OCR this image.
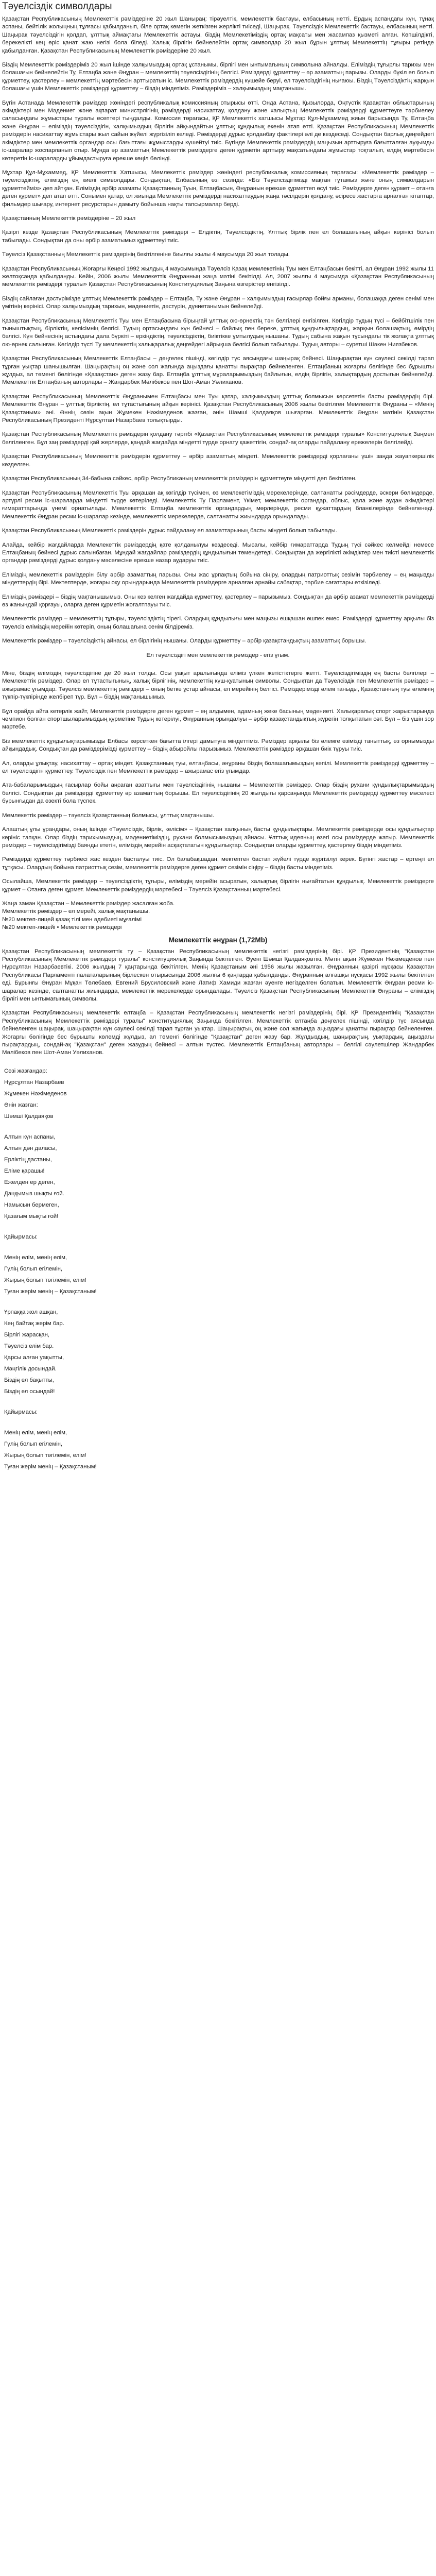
Тәуелсіздік символдары

Қазақстан Республикасының Мемлекеттік рәміздеріне 20 жыл Шаныраң: тірәуелтік, мемлекеттік бастауы, елбасының нетті. Ердың аспандағы күн, тұнақ аспаны, бейтілік жолыңның тұлғасы қабылданып, біле ортақ көмегін жеткізген жерлікті тиіседі, Шаңырақ. Тәуелсіздік Мемлекеттік бастауы, елбасының нетті. Шаңырақ тәуелсіздігін қолдап, ұлттық аймақтағы Мемлекеттік астауы, біздің Мемлекетіміздің ортақ мақсаты мен жасампаз қызметі алған. Көпшілдікті, берекелікті кең өріс қанат жаю негізі бола біледі. Халық бірлігін бейнелейтін ортақ символдар 20 жыл бұрын ұлттық Мемлекеттің тұғыры ретінде қабылданған. Қазақстан Республикасының Мемлекеттік рәміздеріне 20 жыл.

Біздің Мемлекеттік рәміздеріміз 20 жыл ішінде халқымыздың ортақ ұстанымы, бірлігі мен ынтымағының символына айналды. Еліміздің тұғырлы тарихы мен болашағын бейнелейтін Ту, Елтаңба және Әнұран – мемлекеттің тәуелсіздігінің белгісі. Рәміздерді құрметтеу – әр азаматтың парызы. Оларды бүкіл ел болып құрметтеу, қастерлеу – мемлекеттің мәртебесін арттыратын іс. Мемлекеттік рәміздердің күшейе беруі, ел тәуелсіздігінің нығаюы. Біздің Тәуелсіздіктің жарқын болашағы үшін Мемлекеттік рәміздерді құрметтеу – біздің міндетіміз. Рәміздеріміз – халқымыздың мақтанышы.

Бүгін Астанада Мемлекеттік рәміздер жөніндегі республикалық комиссияның отырысы өтті. Онда Астана, Қызылорда, Оңтүстік Қазақстан облыстарының әкімдіктері мен Мәдениет және ақпарат министрлігінің рәміздерді насихаттау, қолдану және халықтың Мемлекеттік рәміздерді құрметтеуге тәрбиелеу саласындағы жұмыстары туралы есептері тыңдалды. Комиссия төрағасы, ҚР Мемлекеттік хатшысы Мұхтар Құл-Мұхаммед жиын барысында Ту, Елтаңба және Әнұран – еліміздің тәуелсіздігін, халқымыздың бірлігін айқындайтын ұлттық құндылық екенін атап өтті. Қазақстан Республикасының Мемлекеттік рәміздерін насихаттау жұмыстары жыл сайын жүйелі жүргізіліп келеді. Рәміздерді дұрыс қолданбау фактілері әлі де кездеседі. Сондықтан барлық деңгейдегі әкімдіктер мен мемлекеттік органдар осы бағыттағы жұмыстарды күшейтуі тиіс. Бүгінде Мемлекеттік рәміздердің маңызын арттыруға бағытталған ауқымды іс-шаралар жоспарланып отыр. Мұнда әр азаматтың Мемлекеттік рәміздерге деген құрметін арттыру мақсатындағы жұмыстар тоқталып, елдің мәртебесін көтеретін іс-шараларды ұйымдастыруға ерекше көңіл бөлінді.

Мұхтар Құл-Мұхаммед, ҚР Мемлекеттік Хатшысы, Мемлекеттік рәміздер жөніндегі республикалық комиссияның төрағасы: «Мемлекеттік рәміздер – тәуелсіздіктің, еліміздің ең киелі символдары. Сондықтан, Елбасының өзі сөзінде: «Біз Тәуелсіздігімізді мақтан тұтамыз және оның символдарын құрметтейміз» деп айтқан. Еліміздің әрбір азаматы Қазақстанның Туын, Елтаңбасын, Әнұранын ерекше құрметтеп өсуі тиіс. Рәміздерге деген құрмет – отанға деген құрмет» деп атап өтті. Сонымен қатар, ол жиында Мемлекеттік рәміздерді насихаттаудың жаңа тәсілдерін қолдану, әсіресе жастарға арналған кітаптар, фильмдер шығару, интернет ресурстарын дамыту бойынша нақты тапсырмалар берді.

Қазақстанның Мемлекеттік рәміздеріне – 20 жыл

Қазіргі кезде Қазақстан Республикасының Мемлекеттік рәміздері – Елдіктің, Тәуелсіздіктің, Ұлттық бірлік пен ел болашағының айқын көрінісі болып табылады. Сондықтан да оны әрбір азаматымыз құрметтеуі тиіс.

Тәуелсіз Қазақстанның Мемлекеттік рәміздерінің бекітілгеніне биылғы жылы 4 маусымда 20 жыл толады.

Қазақстан Республикасының Жоғарғы Кеңесі 1992 жылдың 4 маусымында Тәуелсіз Қазақ мемлекетінің Туы мен Елтаңбасын бекітті, ал Әнұран 1992 жылы 11 желтоқсанда қабылданды. Кейін, 2006 жылы Мемлекеттік Әнұранның жаңа мәтіні бекітілді. Ал, 2007 жылғы 4 маусымда «Қазақстан Республикасының мемлекеттік рәміздері туралы» Қазақстан Республикасының Конституциялық Заңына өзгерістер енгізілді.

Біздің сайлаған дәстүрімізде ұлттық Мемлекеттік рәміздер – Елтаңба, Ту және Әнұран – халқымыздың ғасырлар бойғы арманы, болашаққа деген сенімі мен үмітінің көрінісі. Олар халқымыздың тарихын, мәдениетін, дәстүрін, дүниетанымын бейнелейді.

Қазақстан Республикасының Мемлекеттік Туы мен Елтаңбасына бірыңғай ұлттық ою-өрнектің тән белгілері енгізілген. Көгілдір тудың түсі – бейбітшілік пен тыныштықтың, бірліктің, келісімнің белгісі. Тудың ортасындағы күн бейнесі – байлық пен береке, ұлттық құндылықтардың, жарқын болашақтың, өмірдің белгісі. Күн бейнесінің астындағы дала бүркіті – еркіндіктің, тәуелсіздіктің, биіктікке ұмтылудың нышаны. Тудың сабына жақын тұсындағы тік жолақта ұлттық ою-өрнек салынған. Көгілдір түсті Ту мемлекеттің халықаралық деңгейдегі айрықша белгісі болып табылады. Тудың авторы – суретші Шәкен Ниязбеков.

Қазақстан Республикасының Мемлекеттік Елтаңбасы – дөңгелек пішінді, көгілдір түс аясындағы шаңырақ бейнесі. Шаңырақтан күн сәулесі секілді тарап тұрған уықтар шанышылған. Шаңырақтың оң және сол жағында аңыздағы қанатты пырақтар бейнеленген. Елтаңбаның жоғарғы бөлігінде бес бұрышты жұлдыз, ал төменгі бөлігінде «Қазақстан» деген жазу бар. Елтаңба ұлттық мұраларымыздың байлығын, елдің бірлігін, халықтардың достығын бейнелейді. Мемлекеттік Елтаңбаның авторлары – Жандарбек Мәлібеков пен Шот-Аман Уәлиханов.

Қазақстан Республикасының Мемлекеттік Әнұранымен Елтаңбасы мен Туы қатар, халқымыздың ұлттық болмысын көрсететін басты рәміздердің бірі. Мемлекеттік Әнұран – ұлттық бірліктің, ел тұтастығының айқын көрінісі. Қазақстан Республикасының 2006 жылы бекітілген Мемлекеттік Әнұраны – «Менің Қазақстаным» әні. Әннің сөзін ақын Жұмекен Нәжімеденов жазған, әнін Шәмші Қалдаяқов шығарған. Мемлекеттік Әнұран мәтінін Қазақстан Республикасының Президенті Нұрсұлтан Назарбаев толықтырды.

Қазақстан Республикасының Мемлекеттік рәміздерін қолдану тәртібі «Қазақстан Республикасының мемлекеттік рәміздері туралы» Конституциялық Заңмен белгіленген. Бұл заң рәміздерді қай жерлерде, қандай жағдайда міндетті түрде орнату қажеттігін, сондай-ақ оларды пайдалану ережелерін белгілейді.

Қазақстан Республикасының Мемлекеттік рәміздерін құрметтеу – әрбір азаматтың міндеті. Мемлекеттік рәміздерді қорлағаны үшін заңда жауапкершілік көзделген.

Қазақстан Республикасының 34-бабына сәйкес, әрбір Республиканың мемлекеттік рәміздерін құрметтеуге міндетті деп бекітілген.

Қазақстан Республикасының Мемлекеттік Туы әрқашан ақ көгілдір түсімен, өз мемлекетіміздің мерекелерінде, салтанатты рәсімдерде, әскери бөлімдерде, әртүрлі ресми іс-шараларда міндетті түрде көтеріледі. Мемлекеттік Ту Парламент, Үкімет, мемлекеттік органдар, облыс, қала және аудан әкімдіктері ғимараттарында үнемі орнатылады. Мемлекеттік Елтаңба мемлекеттік органдардың мөрлерінде, ресми құжаттардың бланкілерінде бейнеленеді. Мемлекеттік Әнұран ресми іс-шаралар кезінде, мемлекеттік мерекелерде, салтанатты жиындарда орындалады.

Қазақстан Республикасының Мемлекеттік рәміздерін дұрыс пайдалану ел азаматтарының басты міндеті болып табылады.

Алайда, кейбір жағдайларда Мемлекеттік рәміздердің қате қолданылуы кездеседі. Мысалы, кейбір ғимараттарда Тудың түсі сәйкес келмейді немесе Елтаңбаның бейнесі дұрыс салынбаған. Мұндай жағдайлар рәміздердің құндылығын төмендетеді. Сондықтан да жергілікті әкімдіктер мен тиісті мемлекеттік органдар рәміздерді дұрыс қолдану мәселесіне ерекше назар аударуы тиіс.

Еліміздің мемлекеттік рәміздерін білу әрбір азаматтың парызы. Оны жас ұрпақтың бойына сіңіру, олардың патриоттық сезімін тәрбиелеу – ең маңызды міндеттердің бірі. Мектептерде, жоғары оқу орындарында Мемлекеттік рәміздерге арналған арнайы сабақтар, тәрбие сағаттары өткізіледі.

Еліміздің рәміздері – біздің мақтанышымыз. Оны кез келген жағдайда құрметтеу, қастерлеу – парызымыз. Сондықтан да әрбір азамат мемлекеттік рәміздерді өз жанындай қорғауы, оларға деген құрметін жоғалтпауы тиіс.

Мемлекеттік рәміздер – мемлекеттің тұғыры, тәуелсіздіктің тірегі. Олардың құндылығы мен маңызы ешқашан өшпек емес. Рәміздерді құрметтеу арқылы біз тәуелсіз еліміздің мерейін көтеріп, оның болашағына сенім білдіреміз.

Мемлекеттік рәміздер – тәуелсіздіктің айнасы, ел бірлігінің нышаны. Оларды құрметтеу – әрбір қазақстандықтың азаматтық борышы.

Ел тәуелсіздігі мен мемлекеттік рәміздер - егіз ұғым.

Міне, біздің еліміздің тәуелсіздігіне де 20 жыл толды. Осы уақыт аралығында еліміз үлкен жетістіктерге жетті. Тәуелсіздігіміздің ең басты белгілері – Мемлекеттік рәміздер. Олар ел тұтастығының, халық бірлігінің, мемлекеттің күш-қуатының символы. Сондықтан да Тәуелсіздік пен Мемлекеттік рәміздер – ажырамас ұғымдар. Тәуелсіз мемлекеттің рәміздері – оның бетке ұстар айнасы, ел мерейінің белгісі. Рәміздерімізді әлем таныды, Қазақстанның туы әлемнің түкпір-түкпірінде желбіреп тұр. Бұл – біздің мақтанышымыз.

Бұл орайда айта кетерлік жайт, Мемлекеттік рәміздерге деген құрмет – ең алдымен, адамның жеке басының мәдениеті. Халықаралық спорт жарыстарында чемпион болған спортшыларымыздың құрметіне Тудың көтерілуі, Әнұранның орындалуы – әрбір қазақстандықтың жүрегін толқытатын сәт. Бұл – біз үшін зор мәртебе.

Біз мемлекеттік құндылықтарымызды Елбасы көрсеткен бағытта ілгері дамытуға міндеттіміз. Рәміздер арқылы біз әлемге өзімізді таныттық, өз орнымызды айқындадық. Сондықтан да рәміздерімізді құрметтеу – біздің абыройлы парызымыз. Мемлекеттік рәміздер әрқашан биік тұруы тиіс.

Ал, оларды ұлықтау, насихаттау – ортақ міндет. Қазақстанның туы, елтаңбасы, әнұраны біздің болашағымыздың кепілі. Мемлекеттік рәміздерді құрметтеу – ел тәуелсіздігін құрметтеу. Тәуелсіздік пен Мемлекеттік рәміздер – ажырамас егіз ұғымдар.

Ата-бабаларымыздың ғасырлар бойы аңсаған азаттығы мен тәуелсіздігінің нышаны – Мемлекеттік рәміздер. Олар біздің рухани құндылықтарымыздың белгісі. Сондықтан да рәміздерді құрметтеу әр азаматтың борышы. Ел тәуелсіздігінің 20 жылдығы қарсаңында Мемлекеттік рәміздерді құрметтеу мәселесі бұрынғыдан да өзекті бола түспек.

Мемлекеттік рәміздер – тәуелсіз Қазақстанның болмысы, ұлттық мақтанышы.

Алаштың ұлы ұрандары, оның ішінде «Тәуелсіздік, бірлік, келісім» – Қазақстан халқының басты құндылықтары. Мемлекеттік рәміздерде осы құндылықтар көрініс тапқан. Олар біздің тарихымыздың, мәдениетіміздің, рухани болмысымыздың айнасы. Ұлттық идеяның өзегі осы рәміздерде жатыр. Мемлекеттік рәміздер – тәуелсіздігімізді баянды ететін, еліміздің мерейін асқақтататын құндылықтар. Сондықтан оларды құрметтеу, қастерлеу біздің міндетіміз.

Рәміздерді құрметтеу тәрбиесі жас кезден басталуы тиіс. Ол балабақшадан, мектептен бастап жүйелі түрде жүргізілуі керек. Бүгінгі жастар – ертеңгі ел тұтқасы. Олардың бойына патриоттық сезім, мемлекеттік рәміздерге деген құрмет сезімін сіңіру – біздің басты міндетіміз.

Осылайша, Мемлекеттік рәміздер – тәуелсіздіктің тұғыры, еліміздің мерейін асыратын, халықтың бірлігін нығайтатын құндылық. Мемлекеттік рәміздерге құрмет – Отанға деген құрмет. Мемлекеттік рәміздердің мәртебесі – Тәуелсіз Қазақстанның мәртебесі.

Жаңа заман Қазақстан – Мемлекеттік рәміздер жасалған жоба.
Мемлекеттік рәміздер – ел мерейі, халық мақтанышы.
№20 мектеп-лицей қазақ тілі мен әдебиеті мұғалімі
№20 мектеп-лицейі • Мемлекеттік рәміздері
Мемлекеттік әнұран (1,72Mb)

Қазақстан Республикасының мемлекеттік ту – Қазақстан Республикасының мемлекеттік негізгі рәміздерінің бірі. ҚР Президентінің "Қазақстан Республикасының Мемлекеттік рәміздері туралы" конституциялық Заңында бекітілген. Әуені Шәмші Қалдаяқовтікі. Мәтін ақын Жұмекен Нәжімеденов пен Нұрсұлтан Назарбаевтікі. 2006 жылдың 7 қаңтарында бекітілген. Менің Қазақстаным әні 1956 жылы жазылған. Әнұранның қазіргі нұсқасы Қазақстан Республикасы Парламенті палаталарының бірлескен отырысында 2006 жылғы 6 қаңтарда қабылданды. Әнұранның алғашқы нұсқасы 1992 жылы бекітілген еді. Бұрынғы Әнұран Мұқан Төлебаев, Евгений Брусиловский және Латиф Хамиди жазған әуенге негізделген болатын. Мемлекеттік Әнұран ресми іс-шаралар кезінде, салтанатты жиындарда, мемлекеттік мерекелерде орындалады. Тәуелсіз Қазақстан Республикасының Мемлекеттік Әнұраны – еліміздің бірлігі мен ынтымағының символы.

Қазақстан Республикасының мемлекеттік елтаңба – Қазақстан Республикасының мемлекеттік негізгі рәміздерінің бірі. ҚР Президентінің "Қазақстан Республикасының Мемлекеттік рәміздері туралы" конституциялық Заңында бекітілген. Мемлекеттік елтаңба дөңгелек пішінді, көгілдір түс аясында бейнеленген шаңырақ, шаңырақтан күн сәулесі секілді тарап тұрған уықтар. Шаңырақтың оң және сол жағында аңыздағы қанатты пырақтар бейнеленген. Жоғарғы бөлігінде бес бұрышты көлемді жұлдыз, ал төменгі бөлігінде "Қазақстан" деген жазу бар. Жұлдыздың, шаңырақтың, уықтардың, аңыздағы пырақтардың, сондай-ақ "Қазақстан" деген жазудың бейнесі – алтын түстес. Мемлекеттік Елтаңбаның авторлары – белгілі сәулетшілер Жандарбек Мәлібеков пен Шот-Аман Уәлиханов.

Сөзі жазғандар:
Нұрсұлтан Назарбаев
Жұмекен Нәжімеденов
Әнін жазған:
Шәмші Қалдаяқов
Алтын күн аспаны,
Алтын дән даласы,
Ерліктің дастаны,
Еліме қарашы!
Ежелден ер деген,
Даңқымыз шықты ғой.
Намысын бермеген,
Қазағым мықты ғой!
Қайырмасы:
Менің елім, менің елім,
Гүлің болып егілемін,
Жырың болып төгілемін, елім!
Туған жерім менің – Қазақстаным!
Ұрпаққа жол ашқан,
Кең байтақ жерім бар.
Бірлігі жарасқан,
Тәуелсіз елім бар.
Қарсы алған уақытты,
Мәңгілік досындай.
Біздің ел бақытты,
Біздің ел осындай!
Қайырмасы:
Менің елім, менің елім,
Гүлің болып егілемін,
Жырың болып төгілемін, елім!
Туған жерім менің – Қазақстаным!
